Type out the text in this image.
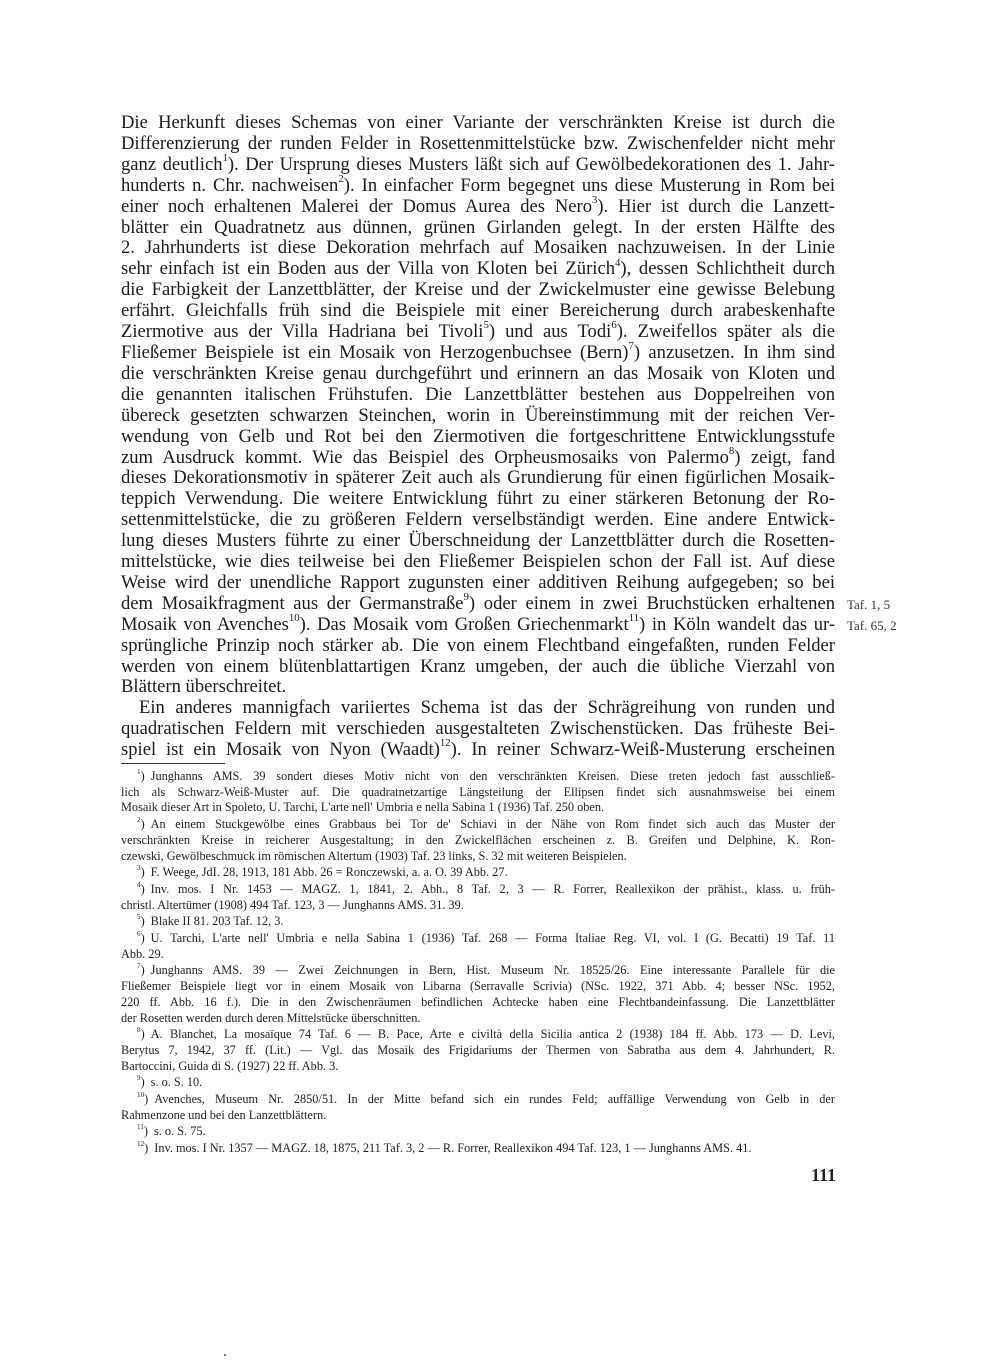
Die Herkunft dieses Schemas von einer Variante der verschränkten Kreise ist durch die
Differenzierung der runden Felder in Rosettenmittelstücke bzw. Zwischenfelder nicht mehr
ganz deutlich$^1$). Der Ursprung dieses Musters läßt sich auf Gewölbedekorationen des 1. Jahr-
hunderts n. Chr. nachweisen$^2$). In einfacher Form begegnet uns diese Musterung in Rom bei
einer noch erhaltenen Malerei der Domus Aurea des Nero$^3$). Hier ist durch die Lanzett-
blätter ein Quadratnetz aus dünnen, grünen Girlanden gelegt. In der ersten Hälfte des
2. Jahrhunderts ist diese Dekoration mehrfach auf Mosaiken nachzuweisen. In der Linie
sehr einfach ist ein Boden aus der Villa von Kloten bei Zürich$^4$), dessen Schlichtheit durch
die Farbigkeit der Lanzettblätter, der Kreise und der Zwickelmuster eine gewisse Belebung
erfährt. Gleichfalls früh sind die Beispiele mit einer Bereicherung durch arabeskenhafte
Ziermotive aus der Villa Hadriana bei Tivoli$^5$) und aus Todi$^6$). Zweifellos später als die
Fließemer Beispiele ist ein Mosaik von Herzogenbuchsee (Bern)$^7$) anzusetzen. In ihm sind
die verschränkten Kreise genau durchgeführt und erinnern an das Mosaik von Kloten und
die genannten italischen Frühstufen. Die Lanzettblätter bestehen aus Doppelreihen von
übereck gesetzten schwarzen Steinchen, worin in Übereinstimmung mit der reichen Ver-
wendung von Gelb und Rot bei den Ziermotiven die fortgeschrittene Entwicklungsstufe
zum Ausdruck kommt. Wie das Beispiel des Orpheusmosaiks von Palermo$^8$) zeigt, fand
dieses Dekorationsmotiv in späterer Zeit auch als Grundierung für einen figürlichen Mosaik-
teppich Verwendung. Die weitere Entwicklung führt zu einer stärkeren Betonung der Ro-
settenmittelstücke, die zu größeren Feldern verselbständigt werden. Eine andere Entwick-
lung dieses Musters führte zu einer Überschneidung der Lanzettblätter durch die Rosetten-
mittelstücke, wie dies teilweise bei den Fließemer Beispielen schon der Fall ist. Auf diese
Weise wird der unendliche Rapport zugunsten einer additiven Reihung aufgegeben; so bei
dem Mosaikfragment aus der Germanstraße$^9$) oder einem in zwei Bruchstücken erhaltenen
Mosaik von Avenches$^{10}$). Das Mosaik vom Großen Griechenmarkt$^{11}$) in Köln wandelt das ur-
sprüngliche Prinzip noch stärker ab. Die von einem Flechtband eingefaßten, runden Felder
werden von einem blütenblattartigen Kranz umgeben, der auch die übliche Vierzahl von
Blättern überschreitet.
Ein anderes mannigfach variiertes Schema ist das der Schrägreihung von runden und
quadratischen Feldern mit verschieden ausgestalteten Zwischenstücken. Das früheste Bei-
spiel ist ein Mosaik von Nyon (Waadt)$^{12}$). In reiner Schwarz-Weiß-Musterung erscheinen
Taf. 1, 5
Taf. 65, 2
$^1$) Junghanns AMS. 39 sondert dieses Motiv nicht von den verschränkten Kreisen. Diese treten jedoch fast ausschließ-
lich als Schwarz-Weiß-Muster auf. Die quadratnetzartige Längsteilung der Ellipsen findet sich ausnahmsweise bei einem
Mosaik dieser Art in Spoleto, U. Tarchi, L'arte nell' Umbria e nella Sabina 1 (1936) Taf. 250 oben.
$^2$) An einem Stuckgewölbe eines Grabbaus bei Tor de' Schiavi in der Nähe von Rom findet sich auch das Muster der
verschränkten Kreise in reicherer Ausgestaltung; in den Zwickelflächen erscheinen z. B. Greifen und Delphine, K. Ron-
czewski, Gewölbeschmuck im römischen Altertum (1903) Taf. 23 links, S. 32 mit weiteren Beispielen.
$^3$) F. Weege, JdI. 28, 1913, 181 Abb. 26 = Ronczewski, a. a. O. 39 Abb. 27.
$^4$) Inv. mos. I Nr. 1453 — MAGZ. 1, 1841, 2. Abh., 8 Taf. 2, 3 — R. Forrer, Reallexikon der prähist., klass. u. früh-
christl. Altertümer (1908) 494 Taf. 123, 3 — Junghanns AMS. 31. 39.
$^5$) Blake II 81. 203 Taf. 12, 3.
$^6$) U. Tarchi, L'arte nell' Umbria e nella Sabina 1 (1936) Taf. 268 — Forma Italiae Reg. VI, vol. I (G. Becatti) 19 Taf. 11
Abb. 29.
$^7$) Junghanns AMS. 39 — Zwei Zeichnungen in Bern, Hist. Museum Nr. 18525/26. Eine interessante Parallele für die
Fließemer Beispiele liegt vor in einem Mosaik von Libarna (Serravalle Scrivia) (NSc. 1922, 371 Abb. 4; besser NSc. 1952,
220 ff. Abb. 16 f.). Die in den Zwischenräumen befindlichen Achtecke haben eine Flechtbandeinfassung. Die Lanzettblätter
der Rosetten werden durch deren Mittelstücke überschnitten.
$^8$) A. Blanchet, La mosaïque 74 Taf. 6 — B. Pace, Arte e civiltà della Sicilia antica 2 (1938) 184 ff. Abb. 173 — D. Levi,
Berytus 7, 1942, 37 ff. (Lit.) — Vgl. das Mosaik des Frigidariums der Thermen von Sabratha aus dem 4. Jahrhundert, R.
Bartoccini, Guida di S. (1927) 22 ff. Abb. 3.
$^9$) s. o. S. 10.
$^{10}$) Avenches, Museum Nr. 2850/51. In der Mitte befand sich ein rundes Feld; auffällige Verwendung von Gelb in der
Rahmenzone und bei den Lanzettblättern.
$^{11}$) s. o. S. 75.
$^{12}$) Inv. mos. I Nr. 1357 — MAGZ. 18, 1875, 211 Taf. 3, 2 — R. Forrer, Reallexikon 494 Taf. 123, 1 — Junghanns AMS. 41.
111
